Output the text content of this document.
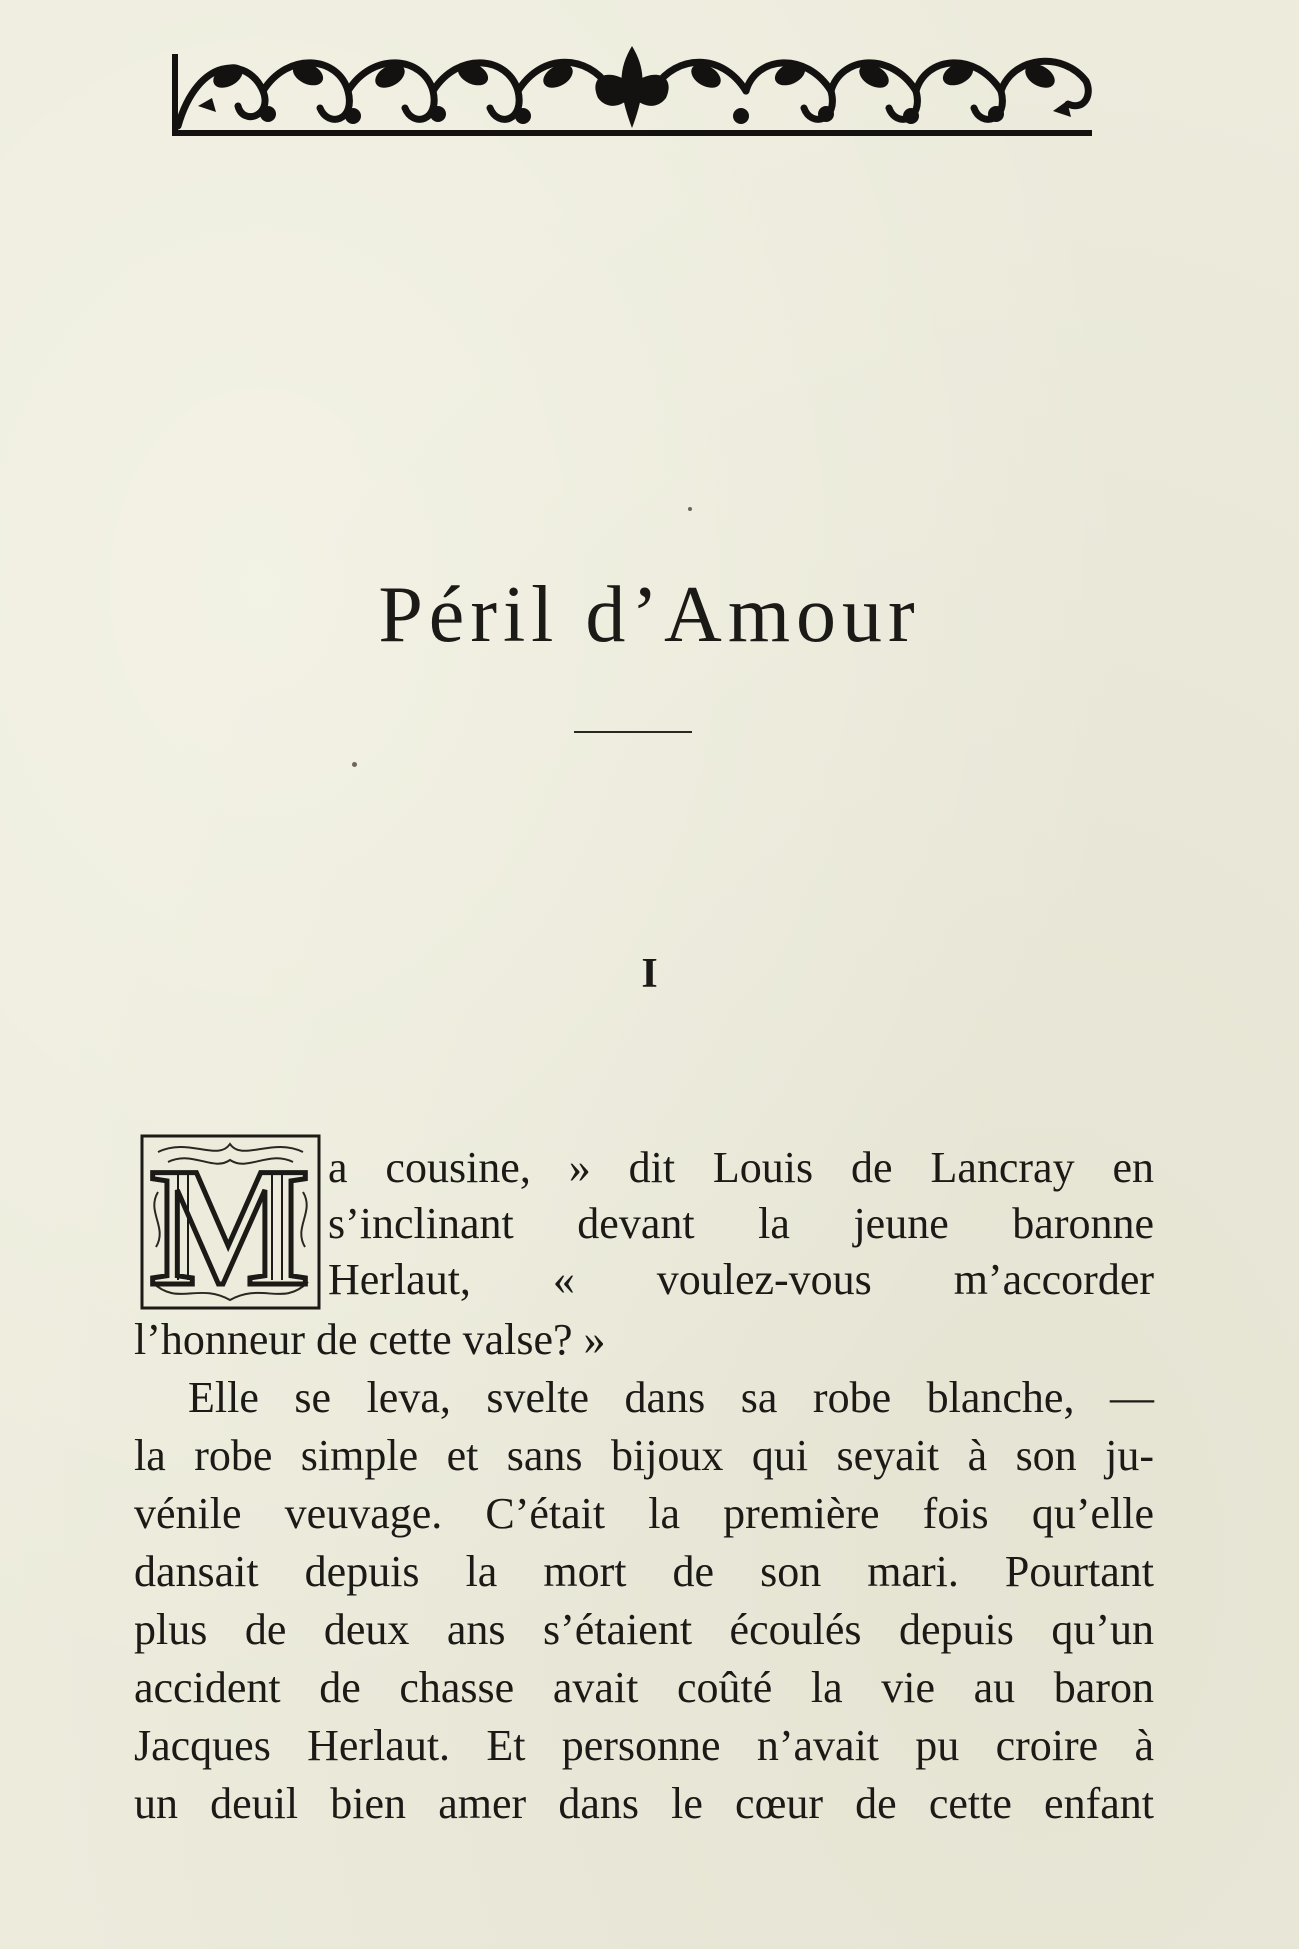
Péril d’Amour
I
M a cousine, » dit Louis de Lancray en

s’inclinant devant la jeune baronne

Herlaut, « voulez-vous m’accorder

l’honneur de cette valse? »

Elle se leva, svelte dans sa robe blanche, —

la robe simple et sans bijoux qui seyait à son ju-

vénile veuvage. C’était la première fois qu’elle

dansait depuis la mort de son mari. Pourtant

plus de deux ans s’étaient écoulés depuis qu’un

accident de chasse avait coûté la vie au baron

Jacques Herlaut. Et personne n’avait pu croire à

un deuil bien amer dans le cœur de cette enfant
